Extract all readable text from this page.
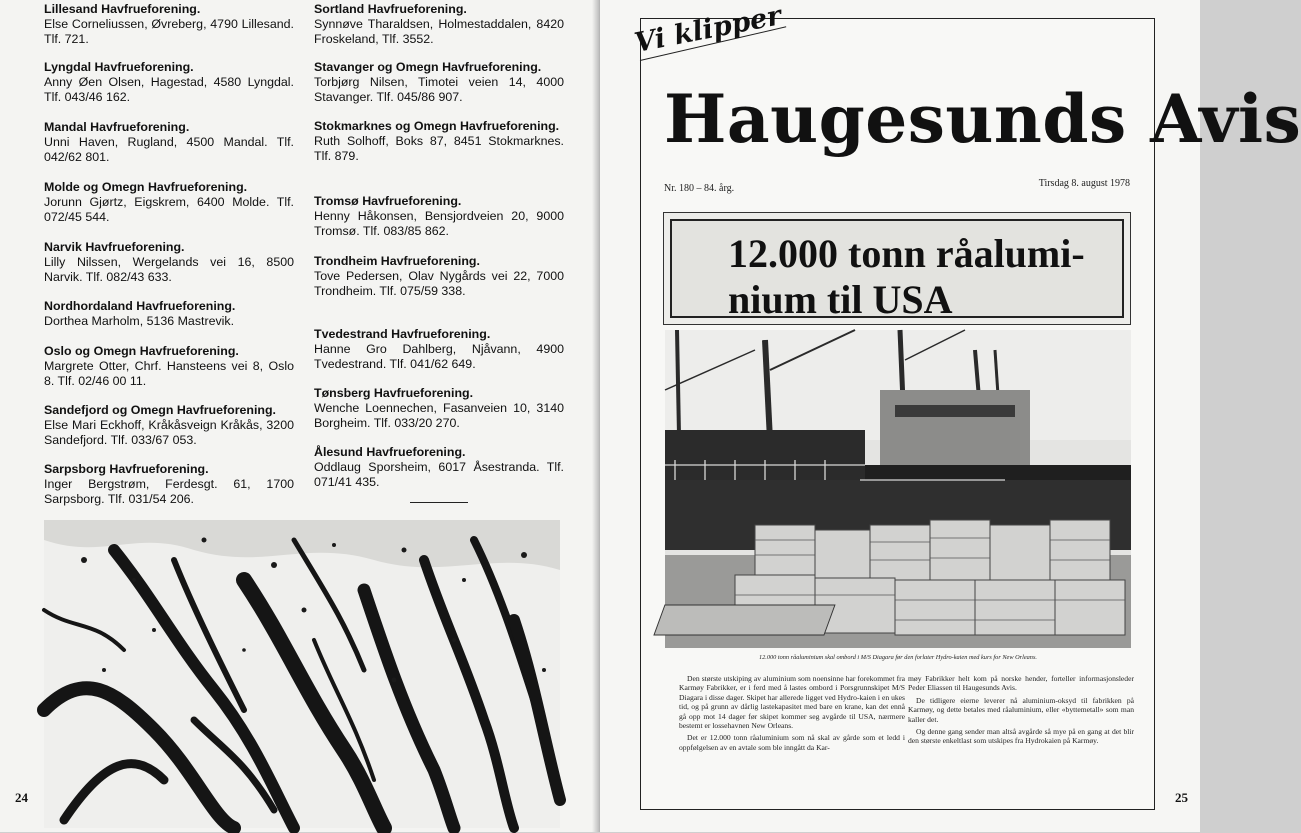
Lillesand Havfrueforening.
Else Corneliussen, Øvreberg, 4790 Lillesand. Tlf. 721.
Lyngdal Havfrueforening.
Anny Øen Olsen, Hagestad, 4580 Lyngdal. Tlf. 043/46 162.
Mandal Havfrueforening.
Unni Haven, Rugland, 4500 Mandal. Tlf. 042/62 801.
Molde og Omegn Havfrueforening.
Jorunn Gjørtz, Eigskrem, 6400 Molde. Tlf. 072/45 544.
Narvik Havfrueforening.
Lilly Nilssen, Wergelands vei 16, 8500 Narvik. Tlf. 082/43 633.
Nordhordaland Havfrueforening.
Dorthea Marholm, 5136 Mastrevik.
Oslo og Omegn Havfrueforening.
Margrete Otter, Chrf. Hansteens vei 8, Oslo 8. Tlf. 02/46 00 11.
Sandefjord og Omegn Havfrueforening.
Else Mari Eckhoff, Kråkåsveign Kråkås, 3200 Sandefjord. Tlf. 033/67 053.
Sarpsborg Havfrueforening.
Inger Bergstrøm, Ferdesgt. 61, 1700 Sarpsborg. Tlf. 031/54 206.
Sortland Havfrueforening.
Synnøve Tharaldsen, Holmestaddalen, 8420 Froskeland, Tlf. 3552.
Stavanger og Omegn Havfrueforening.
Torbjørg Nilsen, Timotei veien 14, 4000 Stavanger. Tlf. 045/86 907.
Stokmarknes og Omegn Havfrueforening.
Ruth Solhoff, Boks 87, 8451 Stokmarknes. Tlf. 879.
Tromsø Havfrueforening.
Henny Håkonsen, Bensjordveien 20, 9000 Tromsø. Tlf. 083/85 862.
Trondheim Havfrueforening.
Tove Pedersen, Olav Nygårds vei 22, 7000 Trondheim. Tlf. 075/59 338.
Tvedestrand Havfrueforening.
Hanne Gro Dahlberg, Njåvann, 4900 Tvedestrand. Tlf. 041/62 649.
Tønsberg Havfrueforening.
Wenche Loennechen, Fasanveien 10, 3140 Borgheim. Tlf. 033/20 270.
Ålesund Havfrueforening.
Oddlaug Sporsheim, 6017 Åsestranda. Tlf. 071/41 435.
24
Vi klipper
Haugesunds Avis
Nr. 180 – 84. årg.	Tirsdag 8. august 1978
12.000 tonn råalumi-
nium til USA
12.000 tonn råaluminium skal ombord i M/S Diagara før den forlater Hydro-kaien med kurs for New Orleans.

Den største utskiping av aluminium som noensinne har forekommet fra Karmøy Fabrikker, er i ferd med å lastes ombord i Porsgrunnskipet M/S Diagara i disse dager. Skipet har allerede ligget ved Hydro-kaien i en ukes tid, og på grunn av dårlig lastekapasitet med bare en krane, kan det ennå gå opp mot 14 dager før skipet kommer seg avgårde til USA, nærmere bestemt er lossehavnen New Orleans.

Det er 12.000 tonn råaluminium som nå skal av gårde som et ledd i oppfølgelsen av en avtale som ble inngått da Kar-

møy Fabrikker helt kom på norske hender, forteller informasjonsleder Peder Eliassen til Haugesunds Avis.

De tidligere eierne leverer nå aluminium-oksyd til fabrikken på Karmøy, og dette betales med råaluminium, eller «byttemetall» som man kaller det.

Og denne gang sender man altså avgårde så mye på en gang at det blir den største enkeltlast som utskipes fra Hydrokaien på Karmøy.

25
